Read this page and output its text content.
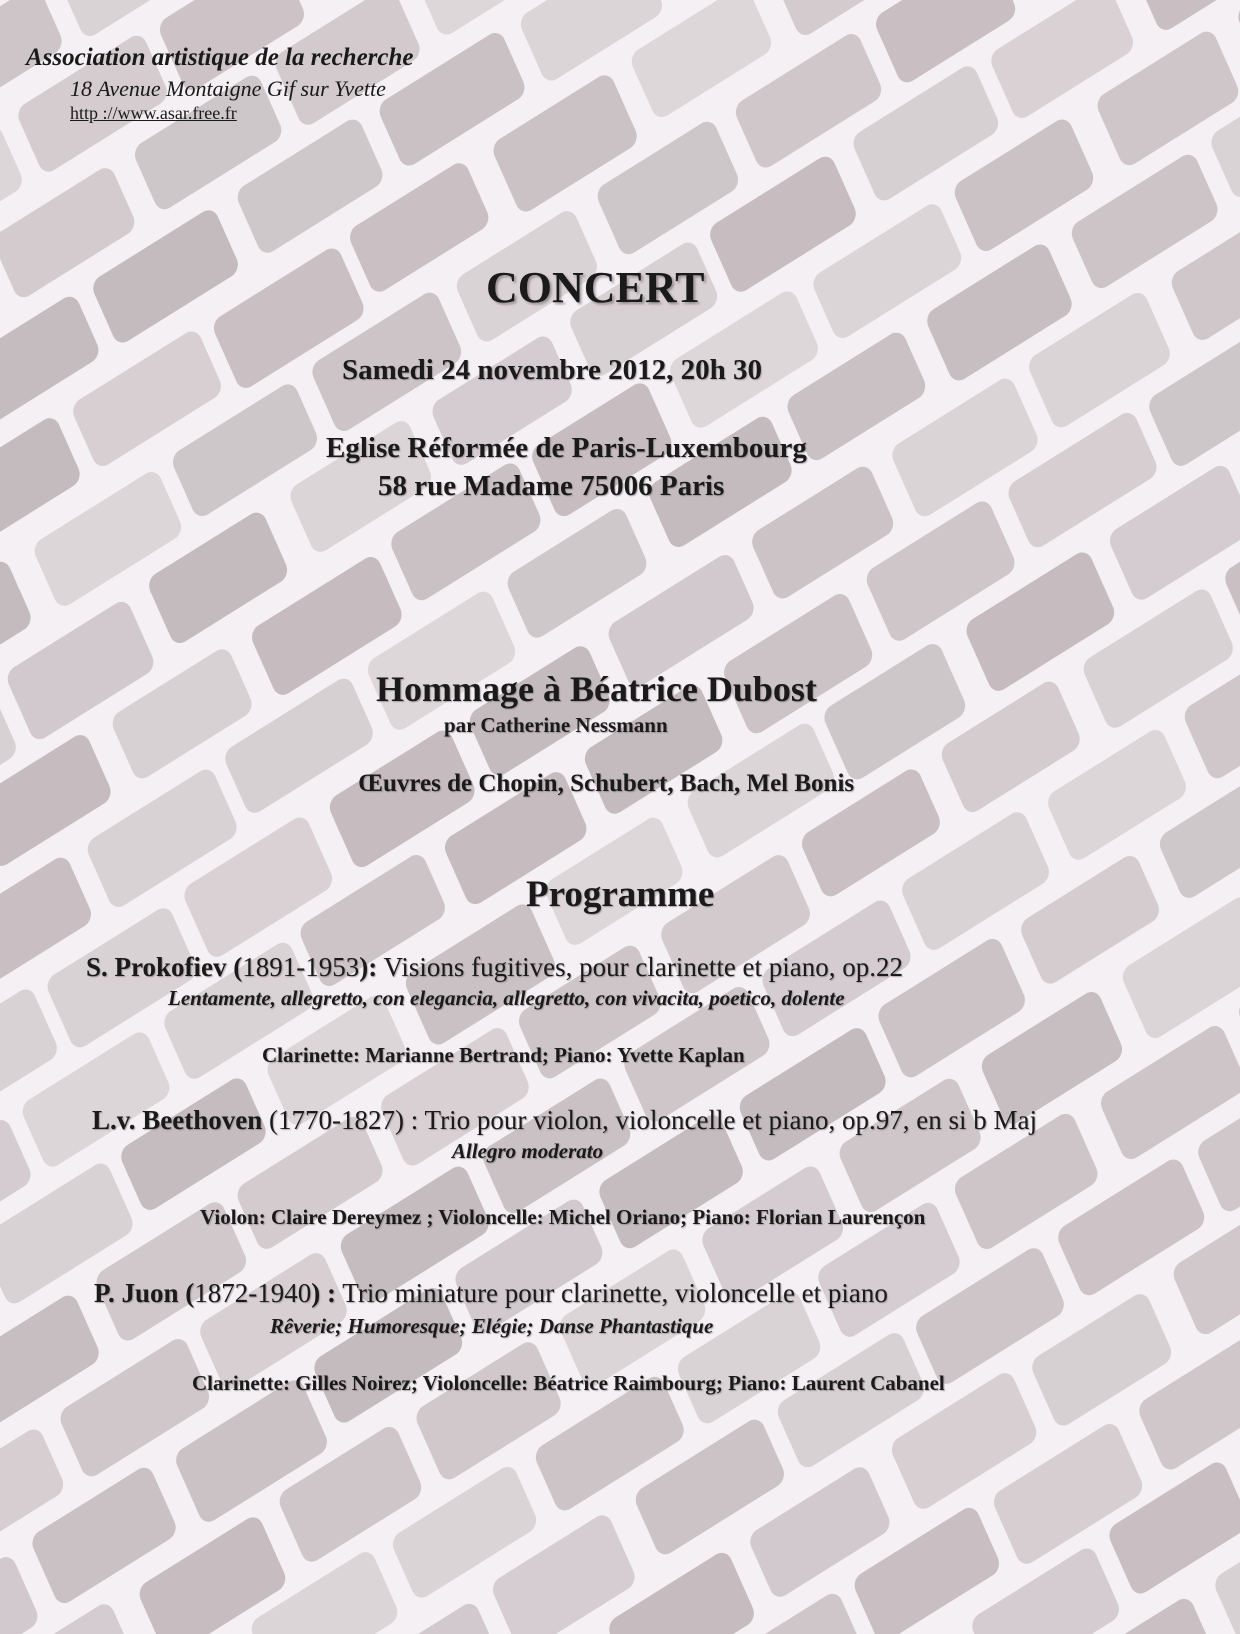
Association artistique de la recherche
18 Avenue Montaigne Gif sur Yvette
http ://www.asar.free.fr
CONCERT
Samedi 24 novembre 2012, 20h 30
Eglise Réformée de Paris-Luxembourg
58 rue Madame 75006 Paris
Hommage à Béatrice Dubost
par Catherine Nessmann
Œuvres de Chopin, Schubert, Bach, Mel Bonis
Programme
S. Prokofiev (1891-1953): Visions fugitives, pour clarinette et piano, op.22
Lentamente, allegretto, con elegancia, allegretto, con vivacita, poetico, dolente
Clarinette: Marianne Bertrand; Piano: Yvette Kaplan
L.v. Beethoven (1770-1827) : Trio pour violon, violoncelle et piano, op.97, en si b Maj
Allegro moderato
Violon: Claire Dereymez ; Violoncelle: Michel Oriano; Piano: Florian Laurençon
P. Juon (1872-1940) : Trio miniature pour clarinette, violoncelle et piano
Rêverie; Humoresque; Elégie; Danse Phantastique
Clarinette: Gilles Noirez; Violoncelle: Béatrice Raimbourg; Piano: Laurent Cabanel
